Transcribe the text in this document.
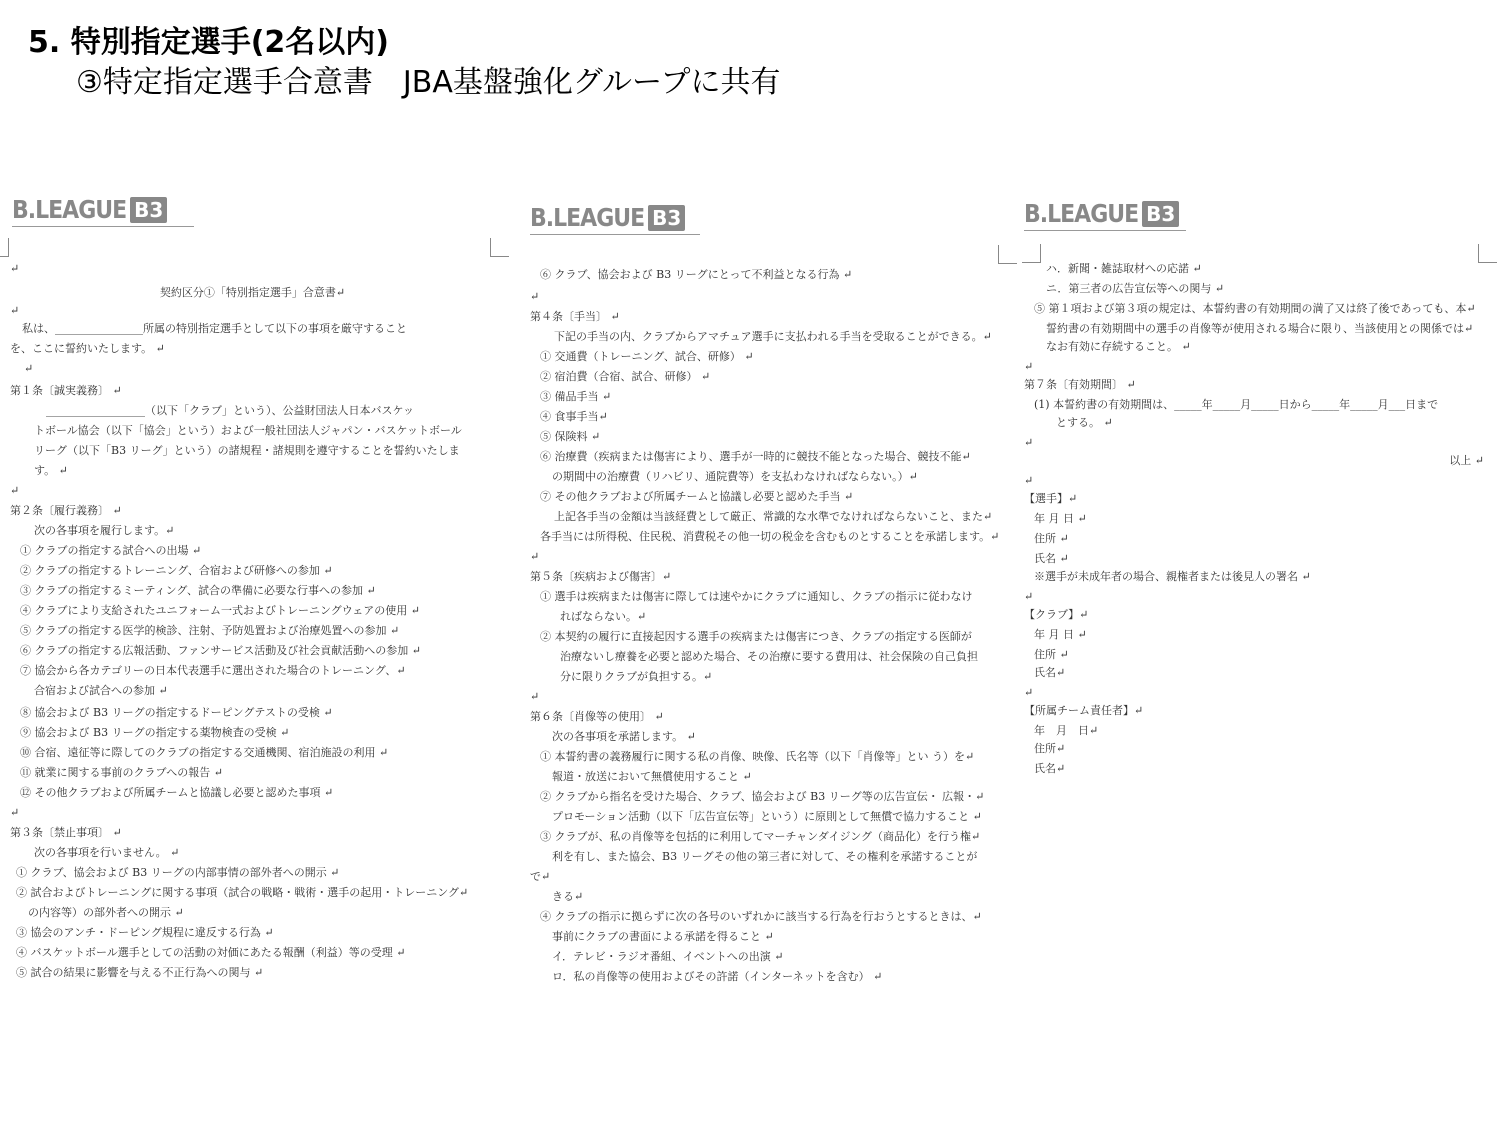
5. 特別指定選手(2名以内)
③特定指定選手合意書　JBA基盤強化グループに共有
B.LEAGUE B3
↵
契約区分①「特別指定選手」合意書↵
↵
私は、________________所属の特別指定選手として以下の事項を厳守すること
を、ここに誓約いたします。 ↵
↵
第１条〔誠実義務〕 ↵
__________________（以下「クラブ」という）、公益財団法人日本バスケッ
トボール協会（以下「協会」という）および一般社団法人ジャパン・バスケットボール
リーグ（以下「B3 リーグ」という）の諸規程・諸規則を遵守することを誓約いたしま
す。 ↵
↵
第２条〔履行義務〕 ↵
次の各事項を履行します。↵
① クラブの指定する試合への出場 ↵
② クラブの指定するトレーニング、合宿および研修への参加 ↵
③ クラブの指定するミーティング、試合の準備に必要な行事への参加 ↵
④ クラブにより支給されたユニフォーム一式およびトレーニングウェアの使用 ↵
⑤ クラブの指定する医学的検診、注射、予防処置および治療処置への参加 ↵
⑥ クラブの指定する広報活動、ファンサービス活動及び社会貢献活動への参加 ↵
⑦ 協会から各カテゴリーの日本代表選手に選出された場合のトレーニング、↵
合宿および試合への参加 ↵
⑧ 協会および B3 リーグの指定するドーピングテストの受検 ↵
⑨ 協会および B3 リーグの指定する薬物検査の受検 ↵
⑩ 合宿、遠征等に際してのクラブの指定する交通機関、宿泊施設の利用 ↵
⑪ 就業に関する事前のクラブへの報告 ↵
⑫ その他クラブおよび所属チームと協議し必要と認めた事項 ↵
↵
第３条〔禁止事項〕 ↵
次の各事項を行いません。 ↵
① クラブ、協会および B3 リーグの内部事情の部外者への開示 ↵
② 試合およびトレーニングに関する事項（試合の戦略・戦術・選手の起用・トレーニング↵
の内容等）の部外者への開示 ↵
③ 協会のアンチ・ドーピング規程に違反する行為 ↵
④ バスケットボール選手としての活動の対価にあたる報酬（利益）等の受理 ↵
⑤ 試合の結果に影響を与える不正行為への関与 ↵
B.LEAGUE B3
⑥ クラブ、協会および B3 リーグにとって不利益となる行為 ↵
↵
第４条〔手当〕 ↵
下記の手当の内、クラブからアマチュア選手に支払われる手当を受取ることができる。↵
① 交通費（トレーニング、試合、研修） ↵
② 宿泊費（合宿、試合、研修） ↵
③ 備品手当 ↵
④ 食事手当↵
⑤ 保険料 ↵
⑥ 治療費（疾病または傷害により、選手が一時的に競技不能となった場合、競技不能↵
の期間中の治療費（リハビリ、通院費等）を支払わなければならない。）↵
⑦ その他クラブおよび所属チームと協議し必要と認めた手当 ↵
上記各手当の金額は当該経費として厳正、常識的な水準でなければならないこと、また↵
各手当には所得税、住民税、消費税その他一切の税金を含むものとすることを承諾します。↵
↵
第５条〔疾病および傷害〕↵
① 選手は疾病または傷害に際しては速やかにクラブに通知し、クラブの指示に従わなけ
ればならない。↵
② 本契約の履行に直接起因する選手の疾病または傷害につき、クラブの指定する医師が
治療ないし療養を必要と認めた場合、その治療に要する費用は、社会保険の自己負担
分に限りクラブが負担する。↵
↵
第６条〔肖像等の使用〕 ↵
次の各事項を承諾します。 ↵
① 本誓約書の義務履行に関する私の肖像、映像、氏名等（以下「肖像等」とい う）を↵
報道・放送において無償使用すること ↵
② クラブから指名を受けた場合、クラブ、協会および B3 リーグ等の広告宣伝・ 広報・↵
プロモーション活動（以下「広告宣伝等」という）に原則として無償で協力すること ↵
③ クラブが、私の肖像等を包括的に利用してマーチャンダイジング（商品化）を行う権↵
利を有し、また協会、B3 リーグその他の第三者に対して、その権利を承諾することが
で↵
きる↵
④ クラブの指示に拠らずに次の各号のいずれかに該当する行為を行おうとするときは、↵
事前にクラブの書面による承諾を得ること ↵
イ．テレビ・ラジオ番組、イベントへの出演 ↵
ロ．私の肖像等の使用およびその許諾（インターネットを含む） ↵
B.LEAGUE B3
ハ．新聞・雑誌取材への応諾 ↵
ニ．第三者の広告宣伝等への関与 ↵
⑤ 第１項および第３項の規定は、本誓約書の有効期間の満了又は終了後であっても、本↵
誓約書の有効期間中の選手の肖像等が使用される場合に限り、当該使用との関係では↵
なお有効に存続すること。 ↵
↵
第７条〔有効期間〕 ↵
(1) 本誓約書の有効期間は、_____年_____月_____日から_____年_____月___日まで
とする。 ↵
↵
以上 ↵
↵
【選手】↵
年 月 日 ↵
住所 ↵
氏名 ↵
※選手が未成年者の場合、親権者または後見人の署名 ↵
↵
【クラブ】↵
年 月 日 ↵
住所 ↵
氏名↵
↵
【所属チーム責任者】↵
年　月　日↵
住所↵
氏名↵
